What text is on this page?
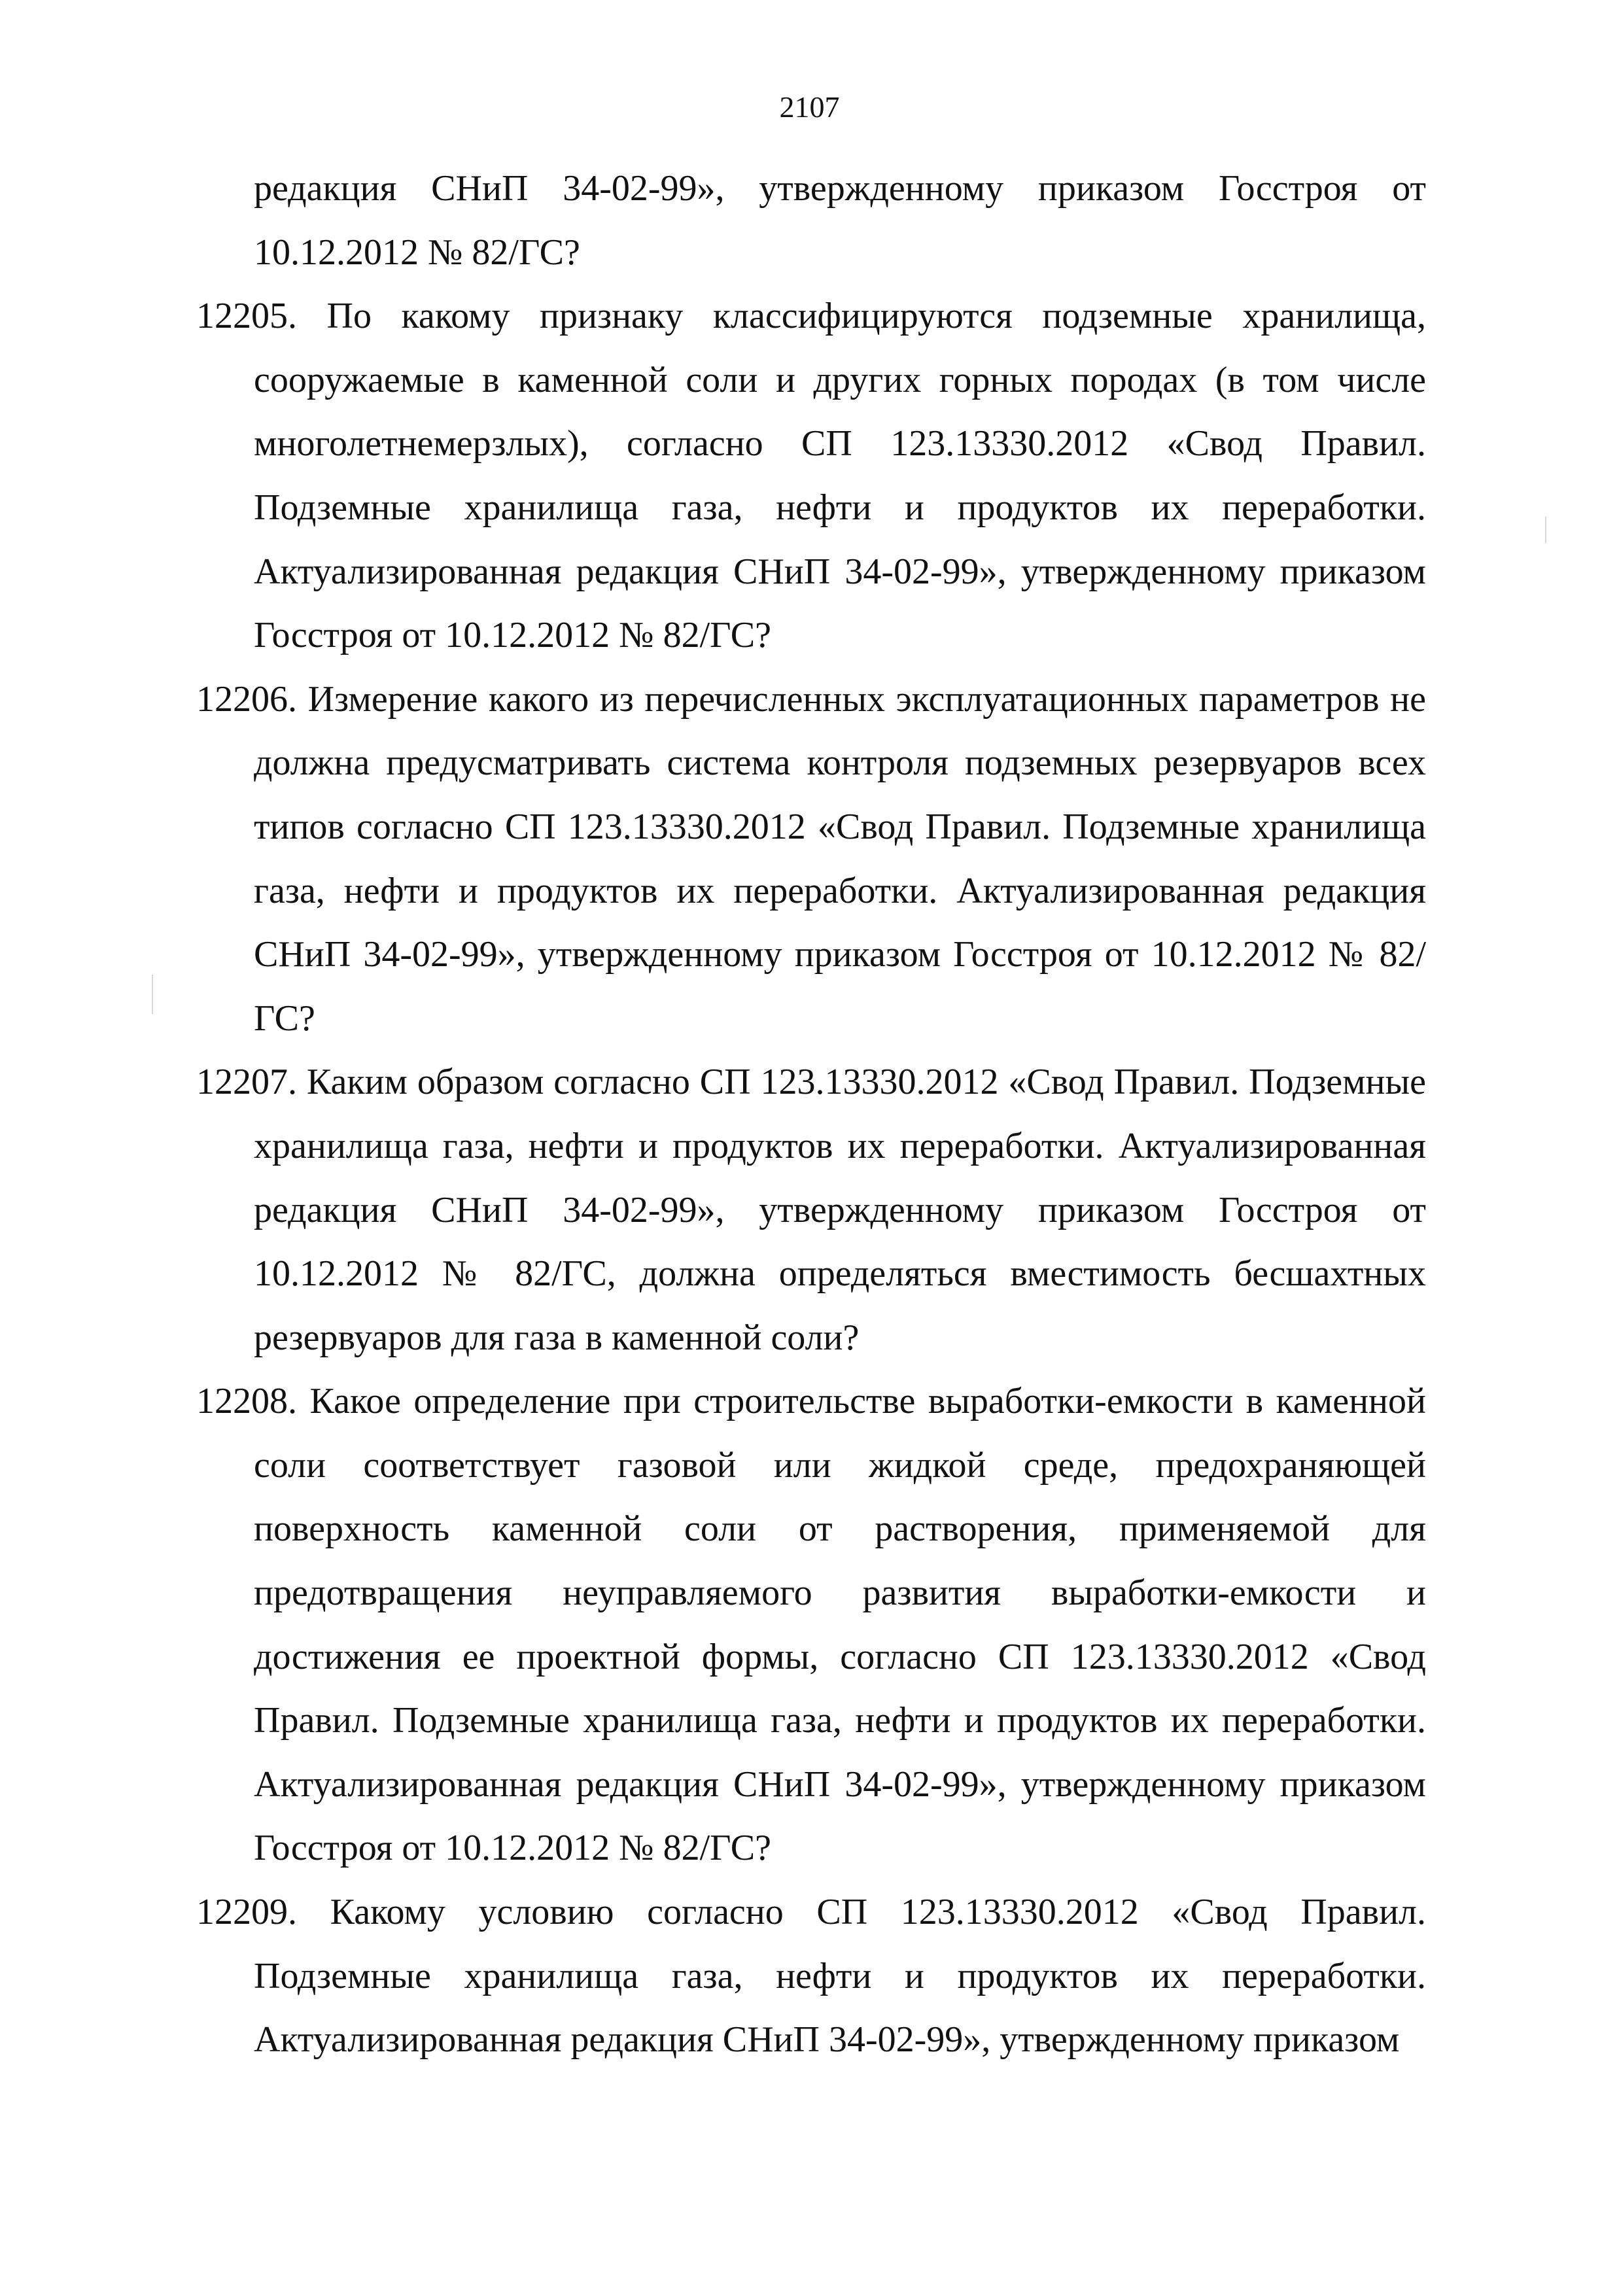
2107

редакция СНиП 34-02-99», утвержденному приказом Госстроя от 10.12.2012 № 82/ГС?

12205. По какому признаку классифицируются подземные хранилища, сооружаемые в каменной соли и других горных породах (в том числе многолетнемерзлых), согласно СП 123.13330.2012 «Свод Правил. Подземные хранилища газа, нефти и продуктов их переработки. Актуализированная редакция СНиП 34-02-99», утвержденному приказом Госстроя от 10.12.2012 № 82/ГС?

12206. Измерение какого из перечисленных эксплуатационных параметров не должна предусматривать система контроля подземных резервуаров всех типов согласно СП 123.13330.2012 «Свод Правил. Подземные хранилища газа, нефти и продуктов их переработки. Актуализированная редакция СНиП 34-02-99», утвержденному приказом Госстроя от 10.12.2012 № 82/ГС?

12207. Каким образом согласно СП 123.13330.2012 «Свод Правил. Подземные хранилища газа, нефти и продуктов их переработки. Актуализированная редакция СНиП 34-02-99», утвержденному приказом Госстроя от 10.12.2012 № 82/ГС, должна определяться вместимость бесшахтных резервуаров для газа в каменной соли?

12208. Какое определение при строительстве выработки-емкости в каменной соли соответствует газовой или жидкой среде, предохраняющей поверхность каменной соли от растворения, применяемой для предотвращения неуправляемого развития выработки-емкости и достижения ее проектной формы, согласно СП 123.13330.2012 «Свод Правил. Подземные хранилища газа, нефти и продуктов их переработки. Актуализированная редакция СНиП 34-02-99», утвержденному приказом Госстроя от 10.12.2012 № 82/ГС?

12209. Какому условию согласно СП 123.13330.2012 «Свод Правил. Подземные хранилища газа, нефти и продуктов их переработки. Актуализированная редакция СНиП 34-02-99», утвержденному приказом
